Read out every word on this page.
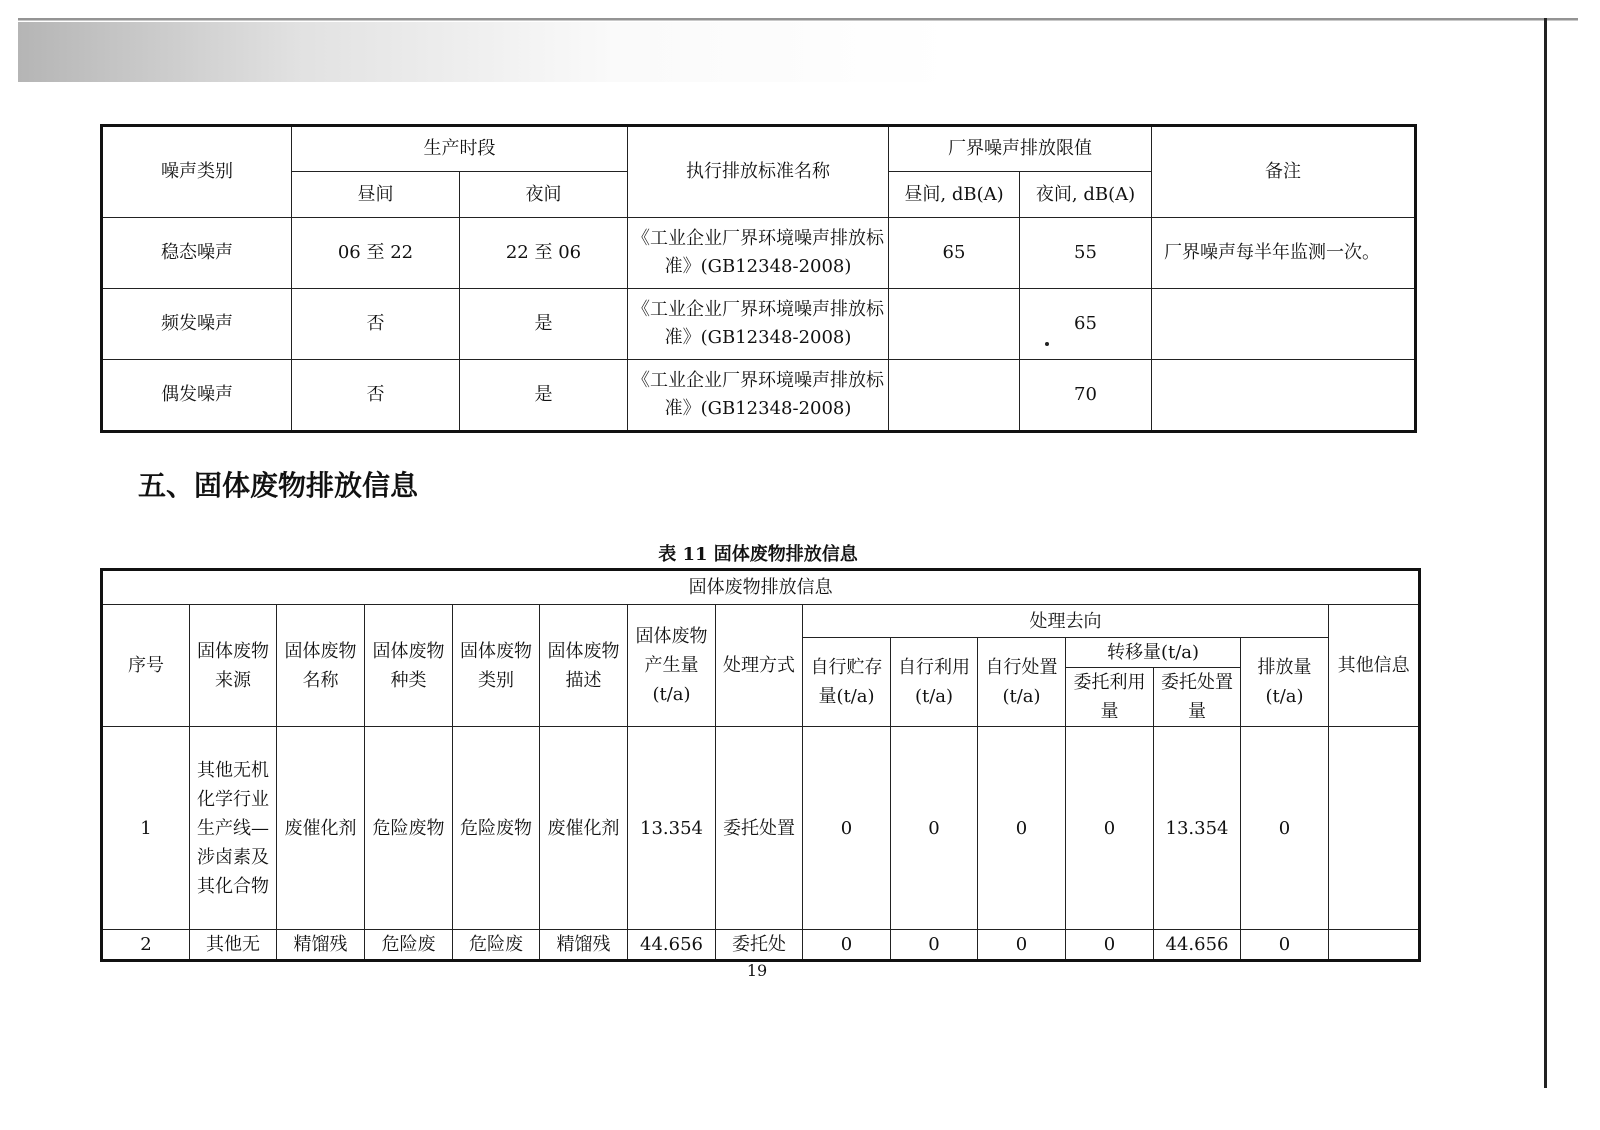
噪声类别	生产时段		执行排放标准名称	厂界噪声排放限值		备注
	昼间	夜间		昼间, dB(A)	夜间, dB(A)	
稳态噪声	06 至 22	22 至 06	《工业企业厂界环境噪声排放标准》(GB12348-2008)	65	55	厂界噪声每半年监测一次。
频发噪声	否	是	《工业企业厂界环境噪声排放标准》(GB12348-2008)		65	
偶发噪声	否	是	《工业企业厂界环境噪声排放标准》(GB12348-2008)		70	
五、固体废物排放信息
表 11 固体废物排放信息
固体废物排放信息														
序号	固体废物来源	固体废物名称	固体废物种类	固体废物类别	固体废物描述	固体废物产生量(t/a)	处理方式	处理去向						其他信息
								自行贮存量(t/a)	自行利用(t/a)	自行处置(t/a)	转移量(t/a)		排放量(t/a)	
											委托利用量	委托处置量		
1	其他无机化学行业生产线—涉卤素及其化合物	废催化剂	危险废物	危险废物	废催化剂	13.354	委托处置	0	0	0	0	13.354	0	
2	其他无	精馏残	危险废	危险废	精馏残	44.656	委托处	0	0	0	0	44.656	0	
19
